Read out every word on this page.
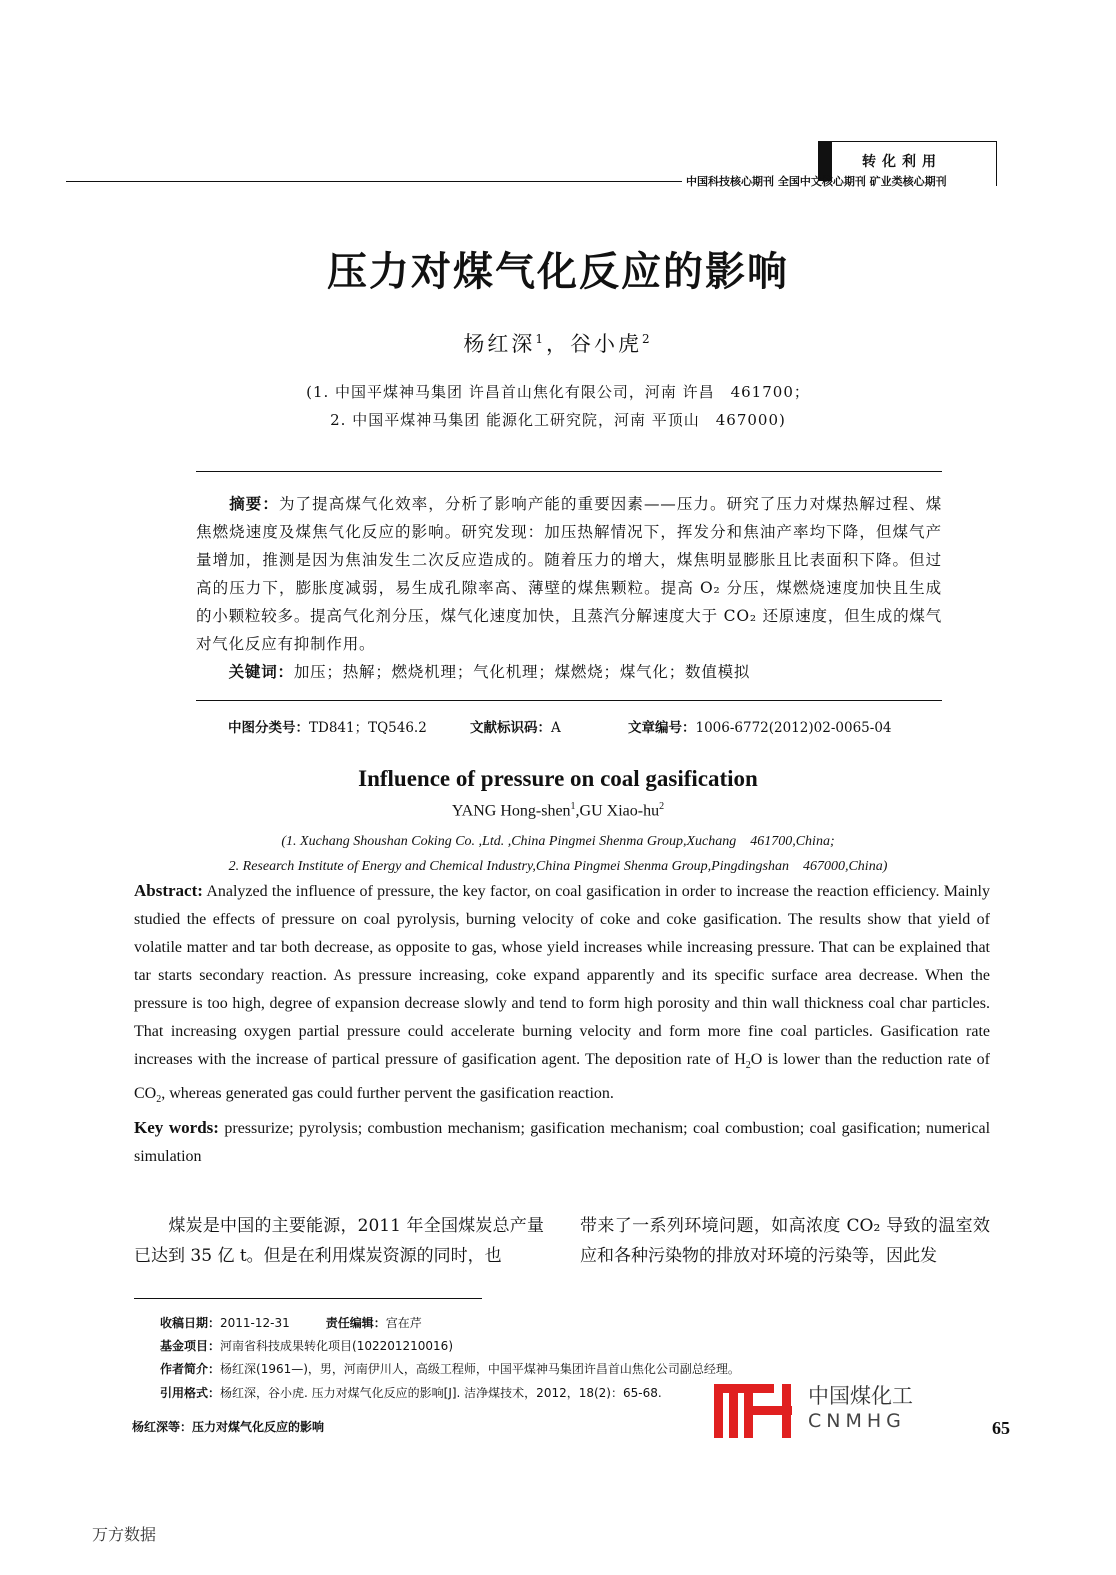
转化利用
中国科技核心期刊 全国中文核心期刊 矿业类核心期刊
压力对煤气化反应的影响
杨红深$^1$，谷小虎$^2$
(1. 中国平煤神马集团 许昌首山焦化有限公司，河南 许昌　461700；
2. 中国平煤神马集团 能源化工研究院，河南 平顶山　467000)

　　摘要：为了提高煤气化效率，分析了影响产能的重要因素——压力。研究了压力对煤热解过程、煤焦燃烧速度及煤焦气化反应的影响。研究发现：加压热解情况下，挥发分和焦油产率均下降，但煤气产量增加，推测是因为焦油发生二次反应造成的。随着压力的增大，煤焦明显膨胀且比表面积下降。但过高的压力下，膨胀度减弱，易生成孔隙率高、薄壁的煤焦颗粒。提高 O₂ 分压，煤燃烧速度加快且生成的小颗粒较多。提高气化剂分压，煤气化速度加快，且蒸汽分解速度大于 CO₂ 还原速度，但生成的煤气对气化反应有抑制作用。

　　关键词：加压；热解；燃烧机理；气化机理；煤燃烧；煤气化；数值模拟

中图分类号：TD841；TQ546.2	文献标识码：A	文章编号：1006-6772(2012)02-0065-04
Influence of pressure on coal gasification
YANG Hong-shen$^1$,GU Xiao-$hu^2$
(1. Xuchang Shoushan Coking Co. ,Ltd. ,China Pingmei Shenma Group,Xuchang　461700,China;
2. Research Institute of Energy and Chemical Industry,China Pingmei Shenma Group,Pingdingshan　467000,China)

Abstract: Analyzed the influence of pressure, the key factor, on coal gasification in order to increase the reaction efficiency. Mainly studied the effects of pressure on coal pyrolysis, burning velocity of coke and coke gasification. The results show that yield of volatile matter and tar both decrease, as opposite to gas, whose yield increases while increasing pressure. That can be explained that tar starts secondary reaction. As pressure increasing, coke expand apparently and its specific surface area decrease. When the pressure is too high, degree of expansion decrease slowly and tend to form high porosity and thin wall thickness coal char particles. That increasing oxygen partial pressure could accelerate burning velocity and form more fine coal particles. Gasification rate increases with the increase of partical pressure of gasification agent. The deposition rate of $H_2O$ is lower than the reduction rate of $CO_2$, whereas generated gas could further pervent the gasification reaction.

Key words: pressurize; pyrolysis; combustion mechanism; gasification mechanism; coal combustion; coal gasification; numerical simulation

　　煤炭是中国的主要能源，2011 年全国煤炭总产量已达到 35 亿 t。但是在利用煤炭资源的同时，也

带来了一系列环境问题，如高浓度 CO₂ 导致的温室效应和各种污染物的排放对环境的污染等，因此发

收稿日期：2011-12-31　　　	责任编辑：宫在芹
基金项目：河南省科技成果转化项目(102201210016)
作者简介：杨红深(1961—)，男，河南伊川人，高级工程师，中国平煤神马集团许昌首山焦化公司副总经理。
引用格式：杨红深，谷小虎. 压力对煤气化反应的影响[J]. 洁净煤技术，2012，18(2)：65-68.
杨红深等：压力对煤气化反应的影响
中国煤化工
CNMHG	65
万方数据
